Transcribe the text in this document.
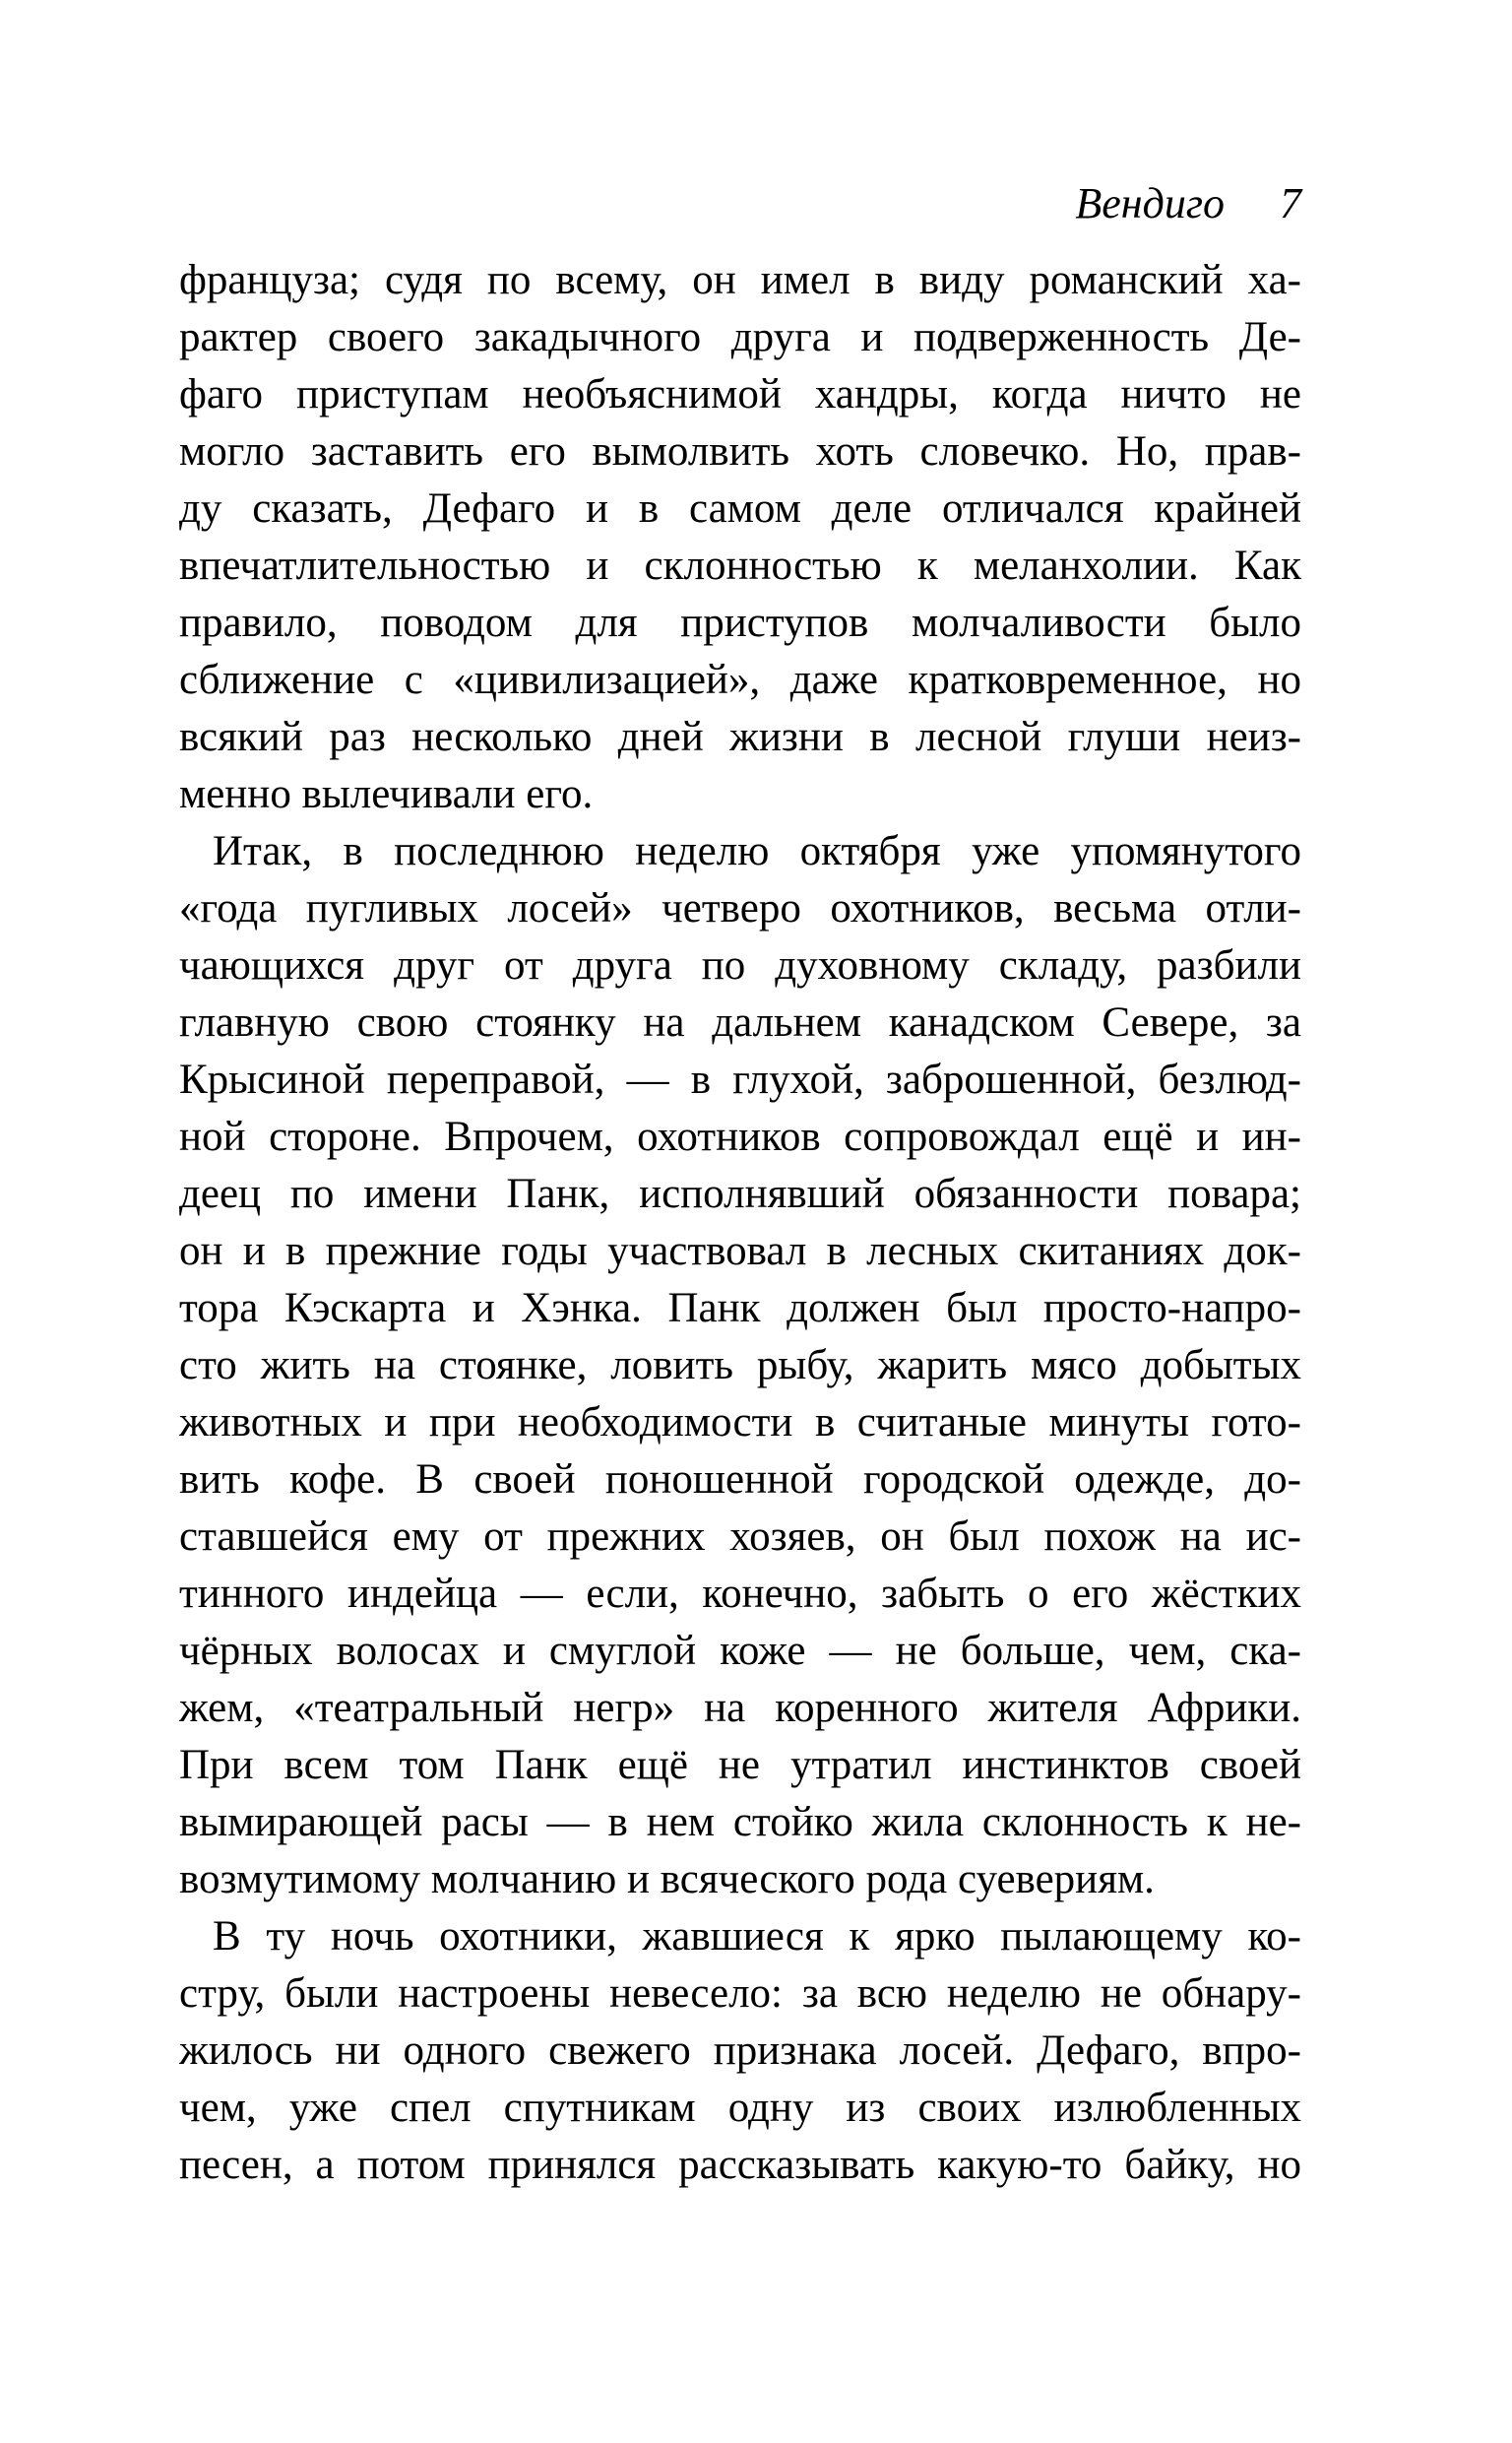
Вендиго 7
француза; судя по всему, он имел в виду романский ха-
рактер своего закадычного друга и подверженность Де-
фаго приступам необъяснимой хандры, когда ничто не
могло заставить его вымолвить хоть словечко. Но, прав-
ду сказать, Дефаго и в самом деле отличался крайней
впечатлительностью и склонностью к меланхолии. Как
правило, поводом для приступов молчаливости было
сближение с «цивилизацией», даже кратковременное, но
всякий раз несколько дней жизни в лесной глуши неиз-
менно вылечивали его.
Итак, в последнюю неделю октября уже упомянутого
«года пугливых лосей» четверо охотников, весьма отли-
чающихся друг от друга по духовному складу, разбили
главную свою стоянку на дальнем канадском Севере, за
Крысиной переправой, — в глухой, заброшенной, безлюд-
ной стороне. Впрочем, охотников сопровождал ещё и ин-
деец по имени Панк, исполнявший обязанности повара;
он и в прежние годы участвовал в лесных скитаниях док-
тора Кэскарта и Хэнка. Панк должен был просто-напро-
сто жить на стоянке, ловить рыбу, жарить мясо добытых
животных и при необходимости в считаные минуты гото-
вить кофе. В своей поношенной городской одежде, до-
ставшейся ему от прежних хозяев, он был похож на ис-
тинного индейца — если, конечно, забыть о его жёстких
чёрных волосах и смуглой коже — не больше, чем, ска-
жем, «театральный негр» на коренного жителя Африки.
При всем том Панк ещё не утратил инстинктов своей
вымирающей расы — в нем стойко жила склонность к не-
возмутимому молчанию и всяческого рода суевериям.
В ту ночь охотники, жавшиеся к ярко пылающему ко-
стру, были настроены невесело: за всю неделю не обнару-
жилось ни одного свежего признака лосей. Дефаго, впро-
чем, уже спел спутникам одну из своих излюбленных
песен, а потом принялся рассказывать какую-то байку, но
